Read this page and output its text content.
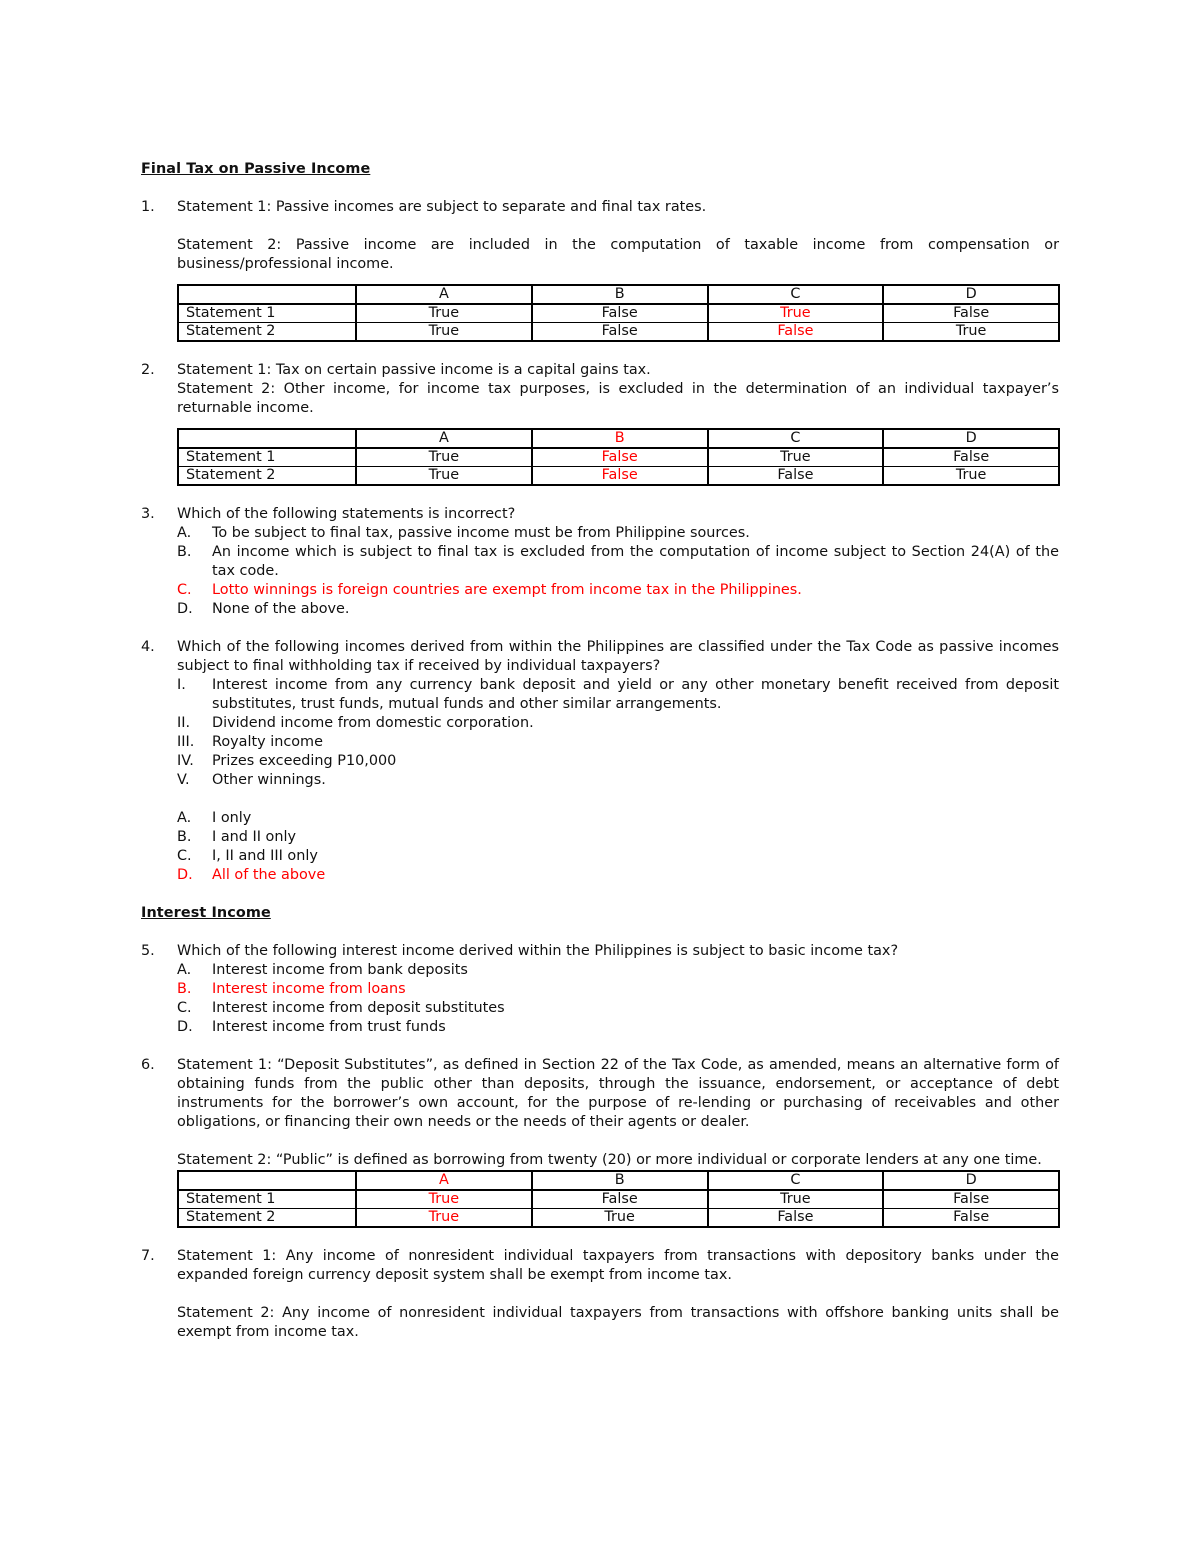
Final Tax on Passive Income

1. Statement 1: Passive incomes are subject to separate and final tax rates.

Statement 2: Passive income are included in the computation of taxable income from compensation or business/professional income.

	A	B	C	D
Statement 1	True	False	True	False
Statement 2	True	False	False	True
2. Statement 1: Tax on certain passive income is a capital gains tax.

Statement 2: Other income, for income tax purposes, is excluded in the determination of an individual taxpayer’s returnable income.

	A	B	C	D
Statement 1	True	False	True	False
Statement 2	True	False	False	True
3. Which of the following statements is incorrect?

A. To be subject to final tax, passive income must be from Philippine sources.

B. An income which is subject to final tax is excluded from the computation of income subject to Section 24(A) of the tax code.

C. Lotto winnings is foreign countries are exempt from income tax in the Philippines.

D. None of the above.

4. Which of the following incomes derived from within the Philippines are classified under the Tax Code as passive incomes subject to final withholding tax if received by individual taxpayers?

I. Interest income from any currency bank deposit and yield or any other monetary benefit received from deposit substitutes, trust funds, mutual funds and other similar arrangements.

II. Dividend income from domestic corporation.

III. Royalty income

IV. Prizes exceeding P10,000

V. Other winnings.

A. I only

B. I and II only

C. I, II and III only

D. All of the above

Interest Income

5. Which of the following interest income derived within the Philippines is subject to basic income tax?

A. Interest income from bank deposits

B. Interest income from loans

C. Interest income from deposit substitutes

D. Interest income from trust funds

6. Statement 1: “Deposit Substitutes”, as defined in Section 22 of the Tax Code, as amended, means an alternative form of obtaining funds from the public other than deposits, through the issuance, endorsement, or acceptance of debt instruments for the borrower’s own account, for the purpose of re-lending or purchasing of receivables and other obligations, or financing their own needs or the needs of their agents or dealer.

Statement 2: “Public” is defined as borrowing from twenty (20) or more individual or corporate lenders at any one time.

	A	B	C	D
Statement 1	True	False	True	False
Statement 2	True	True	False	False
7. Statement 1: Any income of nonresident individual taxpayers from transactions with depository banks under the expanded foreign currency deposit system shall be exempt from income tax.

Statement 2: Any income of nonresident individual taxpayers from transactions with offshore banking units shall be exempt from income tax.
